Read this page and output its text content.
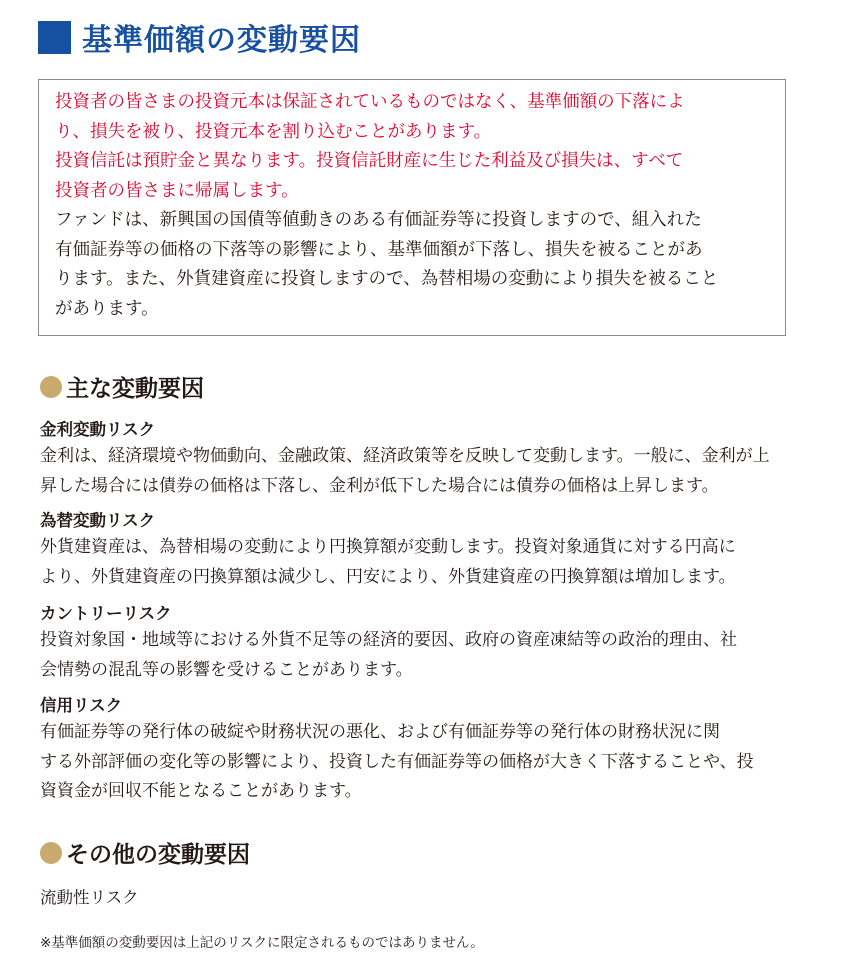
基準価額の変動要因
投資者の皆さまの投資元本は保証されているものではなく、基準価額の下落によ
り、損失を被り、投資元本を割り込むことがあります。
投資信託は預貯金と異なります。投資信託財産に生じた利益及び損失は、すべて
投資者の皆さまに帰属します。
ファンドは、新興国の国債等値動きのある有価証券等に投資しますので、組入れた
有価証券等の価格の下落等の影響により、基準価額が下落し、損失を被ることがあ
ります。また、外貨建資産に投資しますので、為替相場の変動により損失を被ること
があります。
主な変動要因
金利変動リスク
金利は、経済環境や物価動向、金融政策、経済政策等を反映して変動します。一般に、金利が上
昇した場合には債券の価格は下落し、金利が低下した場合には債券の価格は上昇します。
為替変動リスク
外貨建資産は、為替相場の変動により円換算額が変動します。投資対象通貨に対する円高に
より、外貨建資産の円換算額は減少し、円安により、外貨建資産の円換算額は増加します。
カントリーリスク
投資対象国・地域等における外貨不足等の経済的要因、政府の資産凍結等の政治的理由、社
会情勢の混乱等の影響を受けることがあります。
信用リスク
有価証券等の発行体の破綻や財務状況の悪化、および有価証券等の発行体の財務状況に関
する外部評価の変化等の影響により、投資した有価証券等の価格が大きく下落することや、投
資資金が回収不能となることがあります。
その他の変動要因
流動性リスク
※基準価額の変動要因は上記のリスクに限定されるものではありません。
